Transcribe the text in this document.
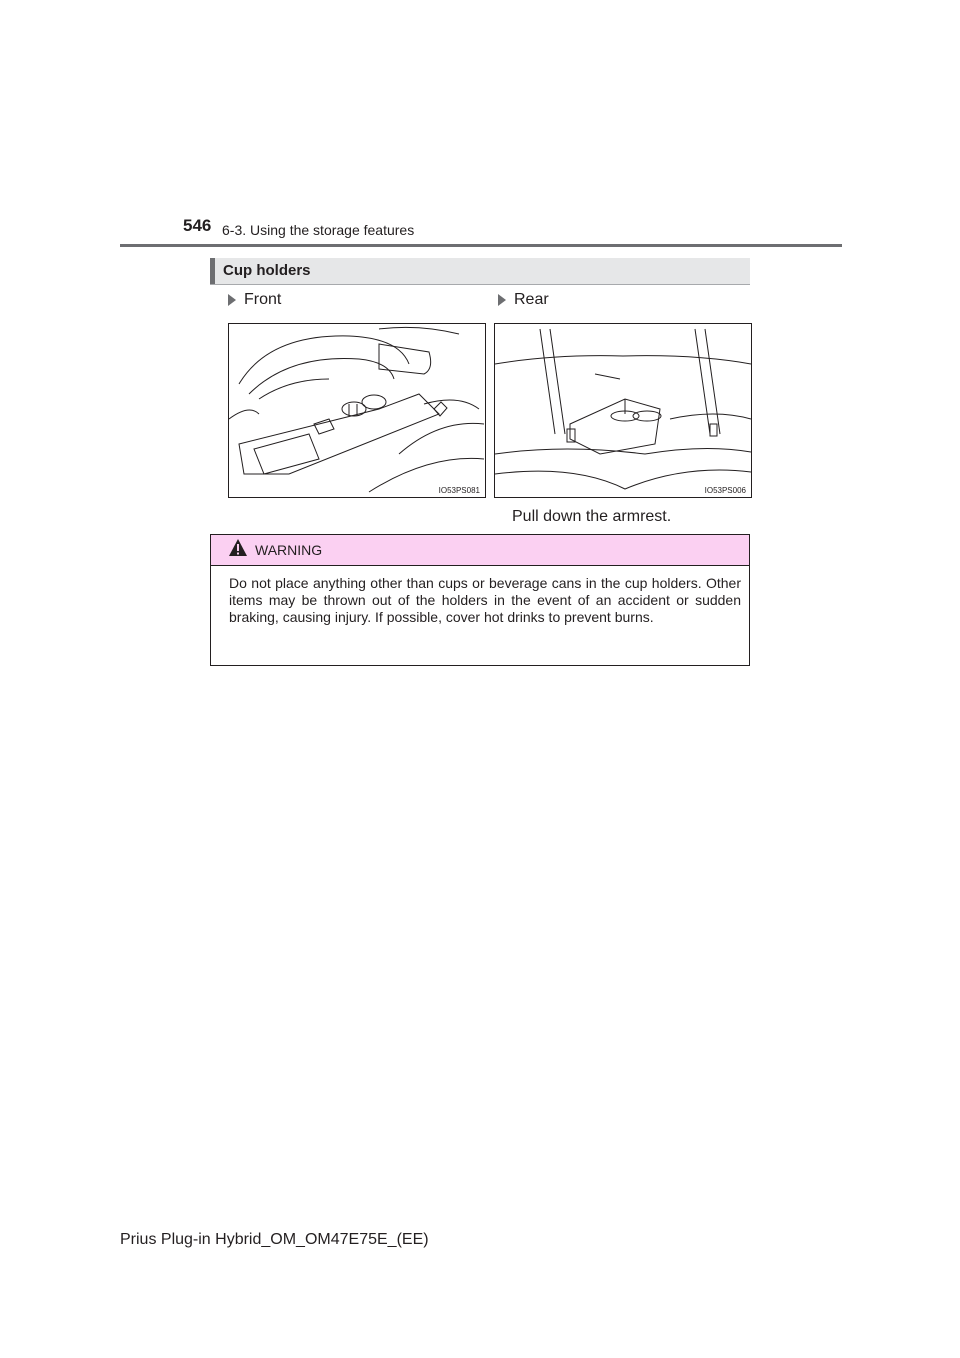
546 6-3. Using the storage features
Cup holders
Front	Rear
IO53PS081	IO53PS006
Pull down the armrest.
WARNING
Do not place anything other than cups or beverage cans in the cup holders. Other items may be thrown out of the holders in the event of an accident or sudden braking, causing injury. If possible, cover hot drinks to prevent burns.
Prius Plug-in Hybrid_OM_OM47E75E_(EE)
